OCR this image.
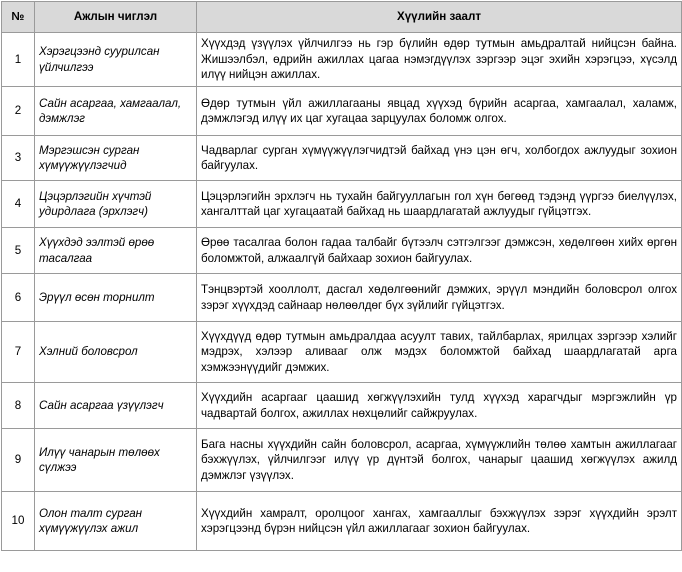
№	Ажлын чиглэл	Хүүлийн заалт
1	Хэрэгцээнд суурилсан үйлчилгээ	Хүүхдэд үзүүлэх үйлчилгээ нь гэр бүлийн өдөр тутмын амьдралтай нийцсэн байна. Жишээлбэл, өдрийн ажиллах цагаа нэмэгдүүлэх зэргээр эцэг эхийн хэрэгцээ, хүсэлд илүү нийцэн ажиллах.
2	Сайн асаргаа, хамгаалал, дэмжлэг	Өдөр тутмын үйл ажиллагааны явцад хүүхэд бүрийн асаргаа, хамгаалал, халамж, дэмжлэгэд илүү их цаг хугацаа зарцуулах боломж олгох.
3	Мэргэшсэн сурган хүмүүжүүлэгчид	Чадварлаг сурган хүмүүжүүлэгчидтэй байхад үнэ цэн өгч, холбогдох ажлуудыг зохион байгуулах.
4	Цэцэрлэгийн хүчтэй удирдлага (эрхлэгч)	Цэцэрлэгийн эрхлэгч нь тухайн байгууллагын гол хүн бөгөөд тэдэнд үүргээ биелүүлэх, хангалттай цаг хугацаатай байхад нь шаардлагатай ажлуудыг гүйцэтгэх.
5	Хүүхдэд ээлтэй өрөө тасалгаа	Өрөө тасалгаа болон гадаа талбайг бүтээлч сэтгэлгээг дэмжсэн, хөдөлгөөн хийх өргөн боломжтой, алжаалгүй байхаар зохион байгуулах.
6	Эрүүл өсөн торнилт	Тэнцвэртэй хооллолт, дасгал хөдөлгөөнийг дэмжих, эрүүл мэндийн боловсрол олгох зэрэг хүүхдэд сайнаар нөлөөлдөг бүх зүйлийг гүйцэтгэх.
7	Хэлний боловсрол	Хүүхдүүд өдөр тутмын амьдралдаа асуулт тавих, тайлбарлах, ярилцах зэргээр хэлийг мэдрэх, хэлээр аливааг олж мэдэх боломжтой байхад шаардлагатай арга хэмжээнүүдийг дэмжих.
8	Сайн асаргаа үзүүлэгч	Хүүхдийн асаргааг цаашид хөгжүүлэхийн тулд хүүхэд харагчдыг мэргэжлийн үр чадвартай болгох, ажиллах нөхцөлийг сайжруулах.
9	Илүү чанарын төлөөх сүлжээ	Бага насны хүүхдийн сайн боловсрол, асаргаа, хүмүүжлийн төлөө хамтын ажиллагааг бэхжүүлэх, үйлчилгээг илүү үр дүнтэй болгох, чанарыг цаашид хөгжүүлэх ажилд дэмжлэг үзүүлэх.
10	Олон талт сурган хүмүүжүүлэх ажил	Хүүхдийн хамралт, оролцоог хангах, хамгааллыг бэхжүүлэх зэрэг хүүхдийн эрэлт хэрэгцээнд бүрэн нийцсэн үйл ажиллагааг зохион байгуулах.
